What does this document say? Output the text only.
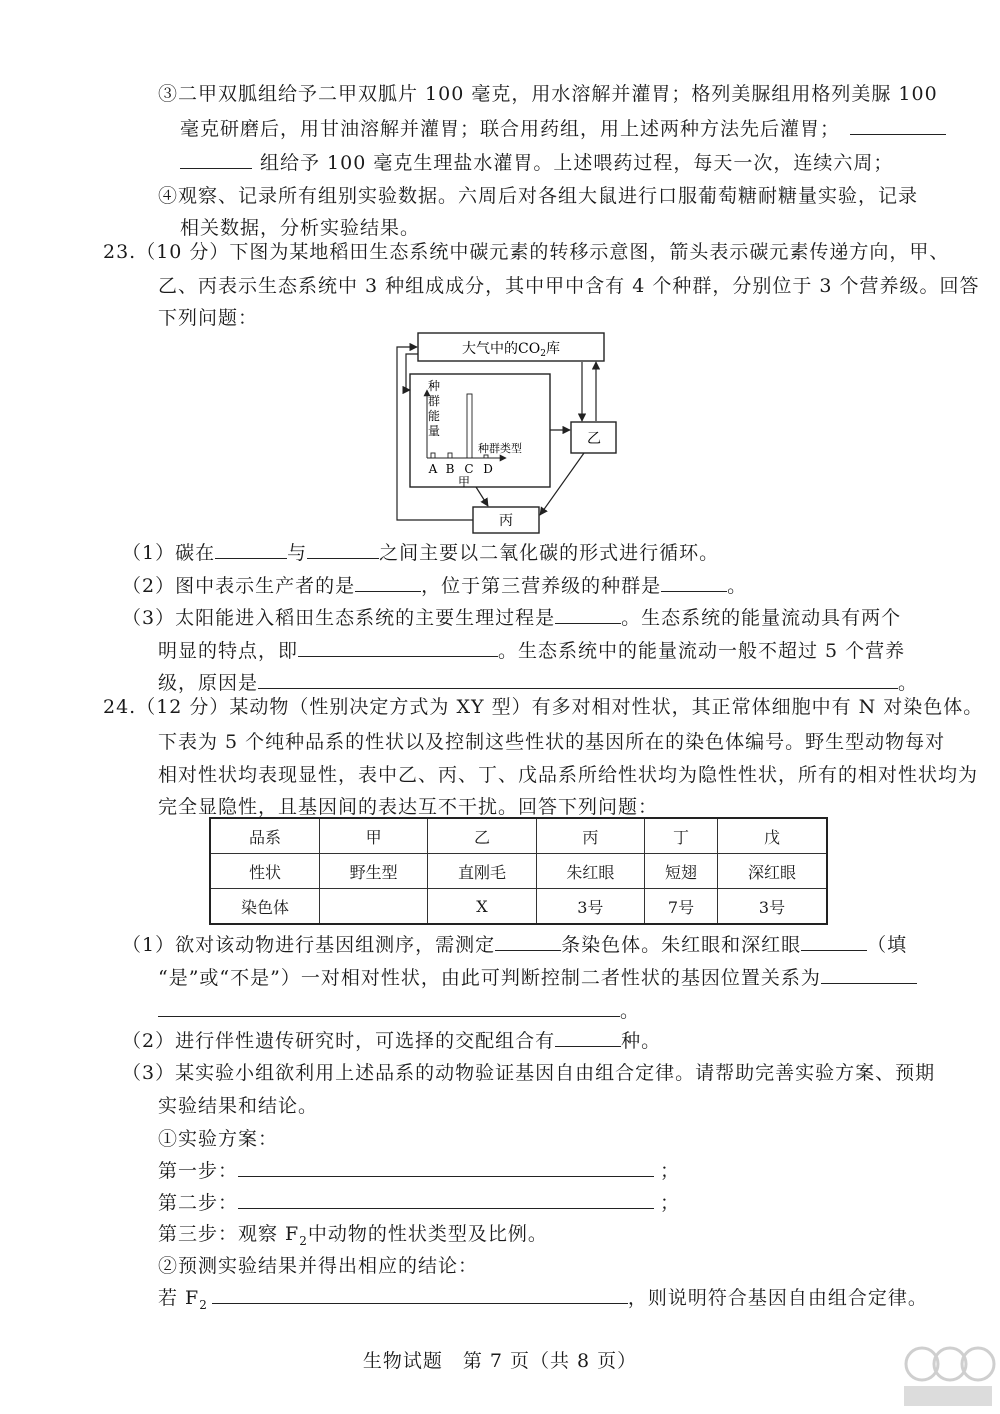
③二甲双胍组给予二甲双胍片 100 毫克，用水溶解并灌胃；格列美脲组用格列美脲 100
毫克研磨后，用甘油溶解并灌胃；联合用药组，用上述两种方法先后灌胃；
组给予 100 毫克生理盐水灌胃。上述喂药过程，每天一次，连续六周；
④观察、记录所有组别实验数据。六周后对各组大鼠进行口服葡萄糖耐糖量实验，记录
相关数据，分析实验结果。
23.（10 分）下图为某地稻田生态系统中碳元素的转移示意图，箭头表示碳元素传递方向，甲、
乙、丙表示生态系统中 3 种组成成分，其中甲中含有 4 个种群，分别位于 3 个营养级。回答
下列问题：
大气中的$CO_2$库
种
群
能
量
种群类型
A B C D
甲
乙
丙
（1）碳在	与	之间主要以二氧化碳的形式进行循环。
（2）图中表示生产者的是	，位于第三营养级的种群是	。
（3）太阳能进入稻田生态系统的主要生理过程是	。生态系统的能量流动具有两个
明显的特点，即	。生态系统中的能量流动一般不超过 5 个营养
级，原因是	。
24.（12 分）某动物（性别决定方式为 XY 型）有多对相对性状，其正常体细胞中有 N 对染色体。
下表为 5 个纯种品系的性状以及控制这些性状的基因所在的染色体编号。野生型动物每对
相对性状均表现显性，表中乙、丙、丁、戊品系所给性状均为隐性性状，所有的相对性状均为
完全显隐性，且基因间的表达互不干扰。回答下列问题：
品系	甲	乙	丙	丁	戊
性状	野生型	直刚毛	朱红眼	短翅	深红眼
染色体		X	3号	7号	3号
（1）欲对该动物进行基因组测序，需测定	条染色体。朱红眼和深红眼	（填
“是”或“不是”）一对相对性状，由此可判断控制二者性状的基因位置关系为
。
（2）进行伴性遗传研究时，可选择的交配组合有	种。
（3）某实验小组欲利用上述品系的动物验证基因自由组合定律。请帮助完善实验方案、预期
实验结果和结论。
①实验方案：
第一步：	；
第二步：	；
第三步：观察 $F_2$中动物的性状类型及比例。
②预测实验结果并得出相应的结论：
若 $F_2$	，则说明符合基因自由组合定律。
生物试题　第 7 页（共 8 页）
